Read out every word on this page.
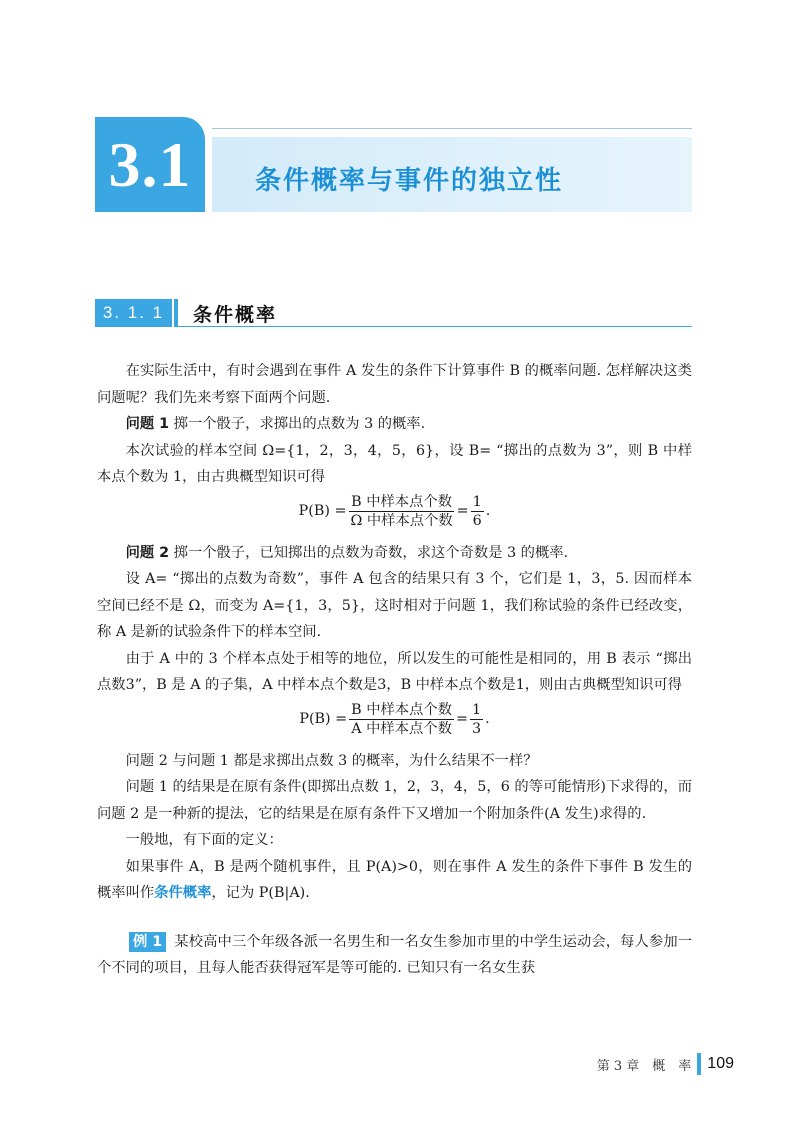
3.1 条件概率与事件的独立性
3. 1. 1 条件概率

在实际生活中，有时会遇到在事件 A 发生的条件下计算事件 B 的概率问题. 怎样解决这类问题呢？我们先来考察下面两个问题.

问题 1 掷一个骰子，求掷出的点数为 3 的概率.

本次试验的样本空间 Ω={1，2，3，4，5，6}，设 B= “掷出的点数为 3”，则 B 中样本点个数为 1，由古典概型知识可得

$P(B) = \frac{\text{B 中样本点个数}}{\text{Ω 中样本点个数}} = \frac{1}{6}$ .

问题 2 掷一个骰子，已知掷出的点数为奇数，求这个奇数是 3 的概率.

设 A= “掷出的点数为奇数”，事件 A 包含的结果只有 3 个，它们是 1，3，5. 因而样本空间已经不是 Ω，而变为 A={1，3，5}，这时相对于问题 1，我们称试验的条件已经改变，称 A 是新的试验条件下的样本空间.

由于 A 中的 3 个样本点处于相等的地位，所以发生的可能性是相同的，用 B 表示 “掷出点数3”，B 是 A 的子集，A 中样本点个数是3，B 中样本点个数是1，则由古典概型知识可得

$P(B) = \frac{\text{B 中样本点个数}}{\text{A 中样本点个数}} = \frac{1}{3}$ .

问题 2 与问题 1 都是求掷出点数 3 的概率，为什么结果不一样？

问题 1 的结果是在原有条件(即掷出点数 1，2，3，4，5，6 的等可能情形)下求得的，而问题 2 是一种新的提法，它的结果是在原有条件下又增加一个附加条件(A 发生)求得的.

一般地，有下面的定义：

如果事件 A，B 是两个随机事件，且 P(A)>0，则在事件 A 发生的条件下事件 B 发生的概率叫作条件概率，记为 P(B|A).

例 1 某校高中三个年级各派一名男生和一名女生参加市里的中学生运动会，每人参加一个不同的项目，且每人能否获得冠军是等可能的. 已知只有一名女生获

第 3 章　概　率 109
